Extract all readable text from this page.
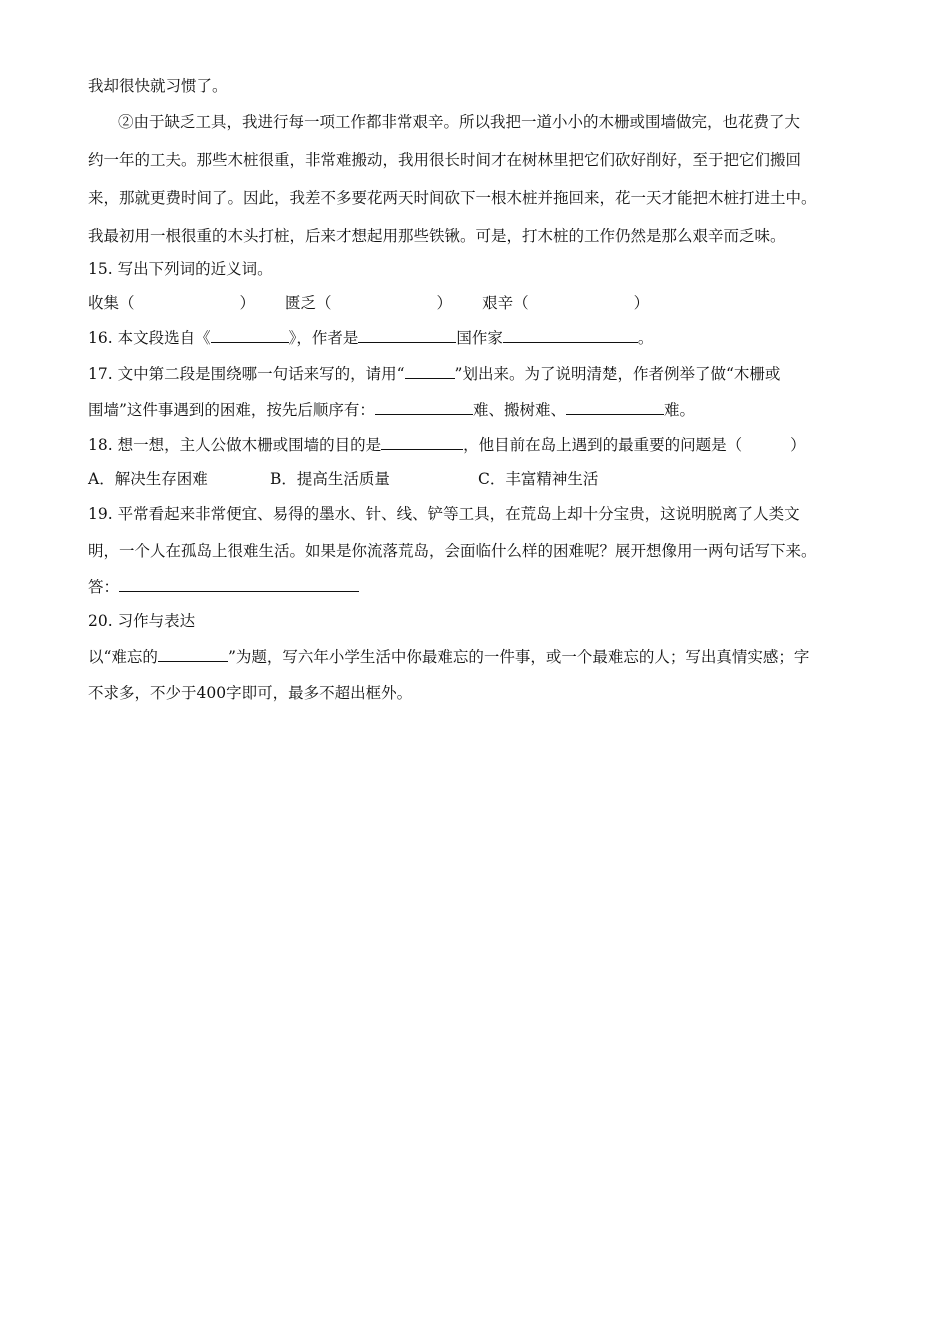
我却很快就习惯了。
②由于缺乏工具，我进行每一项工作都非常艰辛。所以我把一道小小的木栅或围墙做完，也花费了大
约一年的工夫。那些木桩很重，非常难搬动，我用很长时间才在树林里把它们砍好削好，至于把它们搬回
来，那就更费时间了。因此，我差不多要花两天时间砍下一根木桩并拖回来，花一天才能把木桩打进土中。
我最初用一根很重的木头打桩，后来才想起用那些铁锹。可是，打木桩的工作仍然是那么艰辛而乏味。
15. 写出下列词的近义词。
收集（	） 匮乏（	） 艰辛（	）
16. 本文段选自《	》，作者是	国作家	。
17. 文中第二段是围绕哪一句话来写的，请用“	”划出来。为了说明清楚，作者例举了做“木栅或
围墙”这件事遇到的困难，按先后顺序有：	难、搬树难、	难。
18. 想一想，主人公做木栅或围墙的目的是	，他目前在岛上遇到的最重要的问题是（	）
A．解决生存困难	B．提高生活质量	C．丰富精神生活
19. 平常看起来非常便宜、易得的墨水、针、线、铲等工具，在荒岛上却十分宝贵，这说明脱离了人类文
明，一个人在孤岛上很难生活。如果是你流落荒岛，会面临什么样的困难呢？展开想像用一两句话写下来。
答：
20. 习作与表达
以“难忘的	”为题，写六年小学生活中你最难忘的一件事，或一个最难忘的人；写出真情实感；字
不求多，不少于400字即可，最多不超出框外。
